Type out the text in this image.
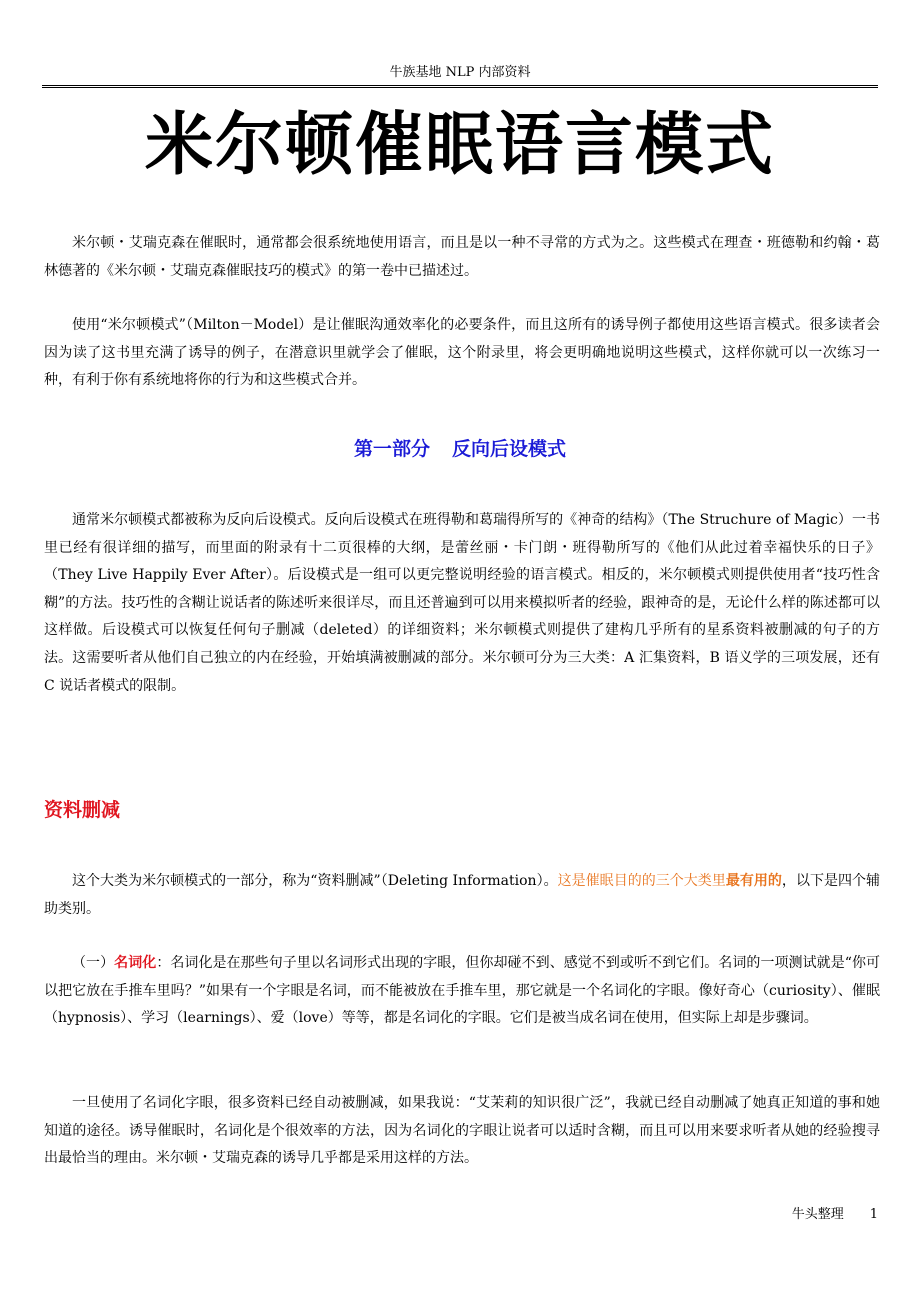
牛族基地 NLP 内部资料
米尔顿催眠语言模式

米尔顿・艾瑞克森在催眠时，通常都会很系统地使用语言，而且是以一种不寻常的方式为之。这些模式在理查・班德勒和约翰・葛林德著的《米尔顿・艾瑞克森催眠技巧的模式》的第一卷中已描述过。

使用“米尔顿模式”（Milton－Model）是让催眠沟通效率化的必要条件，而且这所有的诱导例子都使用这些语言模式。很多读者会因为读了这书里充满了诱导的例子，在潜意识里就学会了催眠，这个附录里，将会更明确地说明这些模式，这样你就可以一次练习一种，有利于你有系统地将你的行为和这些模式合并。

第一部分 反向后设模式

通常米尔顿模式都被称为反向后设模式。反向后设模式在班得勒和葛瑞得所写的《神奇的结构》（The Struchure of Magic）一书里已经有很详细的描写，而里面的附录有十二页很棒的大纲，是蕾丝丽・卡门朗・班得勒所写的《他们从此过着幸福快乐的日子》（They Live Happily Ever After）。后设模式是一组可以更完整说明经验的语言模式。相反的，米尔顿模式则提供使用者“技巧性含糊”的方法。技巧性的含糊让说话者的陈述听来很详尽，而且还普遍到可以用来模拟听者的经验，跟神奇的是，无论什么样的陈述都可以这样做。后设模式可以恢复任何句子删减（deleted）的详细资料；米尔顿模式则提供了建构几乎所有的星系资料被删减的句子的方法。这需要听者从他们自己独立的内在经验，开始填满被删减的部分。米尔顿可分为三大类：A 汇集资料，B 语义学的三项发展，还有 C 说话者模式的限制。

资料删减

这个大类为米尔顿模式的一部分，称为“资料删减”（Deleting Information）。这是催眠目的的三个大类里最有用的，以下是四个辅助类别。

（一）名词化：名词化是在那些句子里以名词形式出现的字眼，但你却碰不到、感觉不到或听不到它们。名词的一项测试就是“你可以把它放在手推车里吗？”如果有一个字眼是名词，而不能被放在手推车里，那它就是一个名词化的字眼。像好奇心（curiosity）、催眠（hypnosis）、学习（learnings）、爱（love）等等，都是名词化的字眼。它们是被当成名词在使用，但实际上却是步骤词。

一旦使用了名词化字眼，很多资料已经自动被删减，如果我说：“艾茉莉的知识很广泛”，我就已经自动删减了她真正知道的事和她知道的途径。诱导催眠时，名词化是个很效率的方法，因为名词化的字眼让说者可以适时含糊，而且可以用来要求听者从她的经验搜寻出最恰当的理由。米尔顿・艾瑞克森的诱导几乎都是采用这样的方法。

牛头整理 1
